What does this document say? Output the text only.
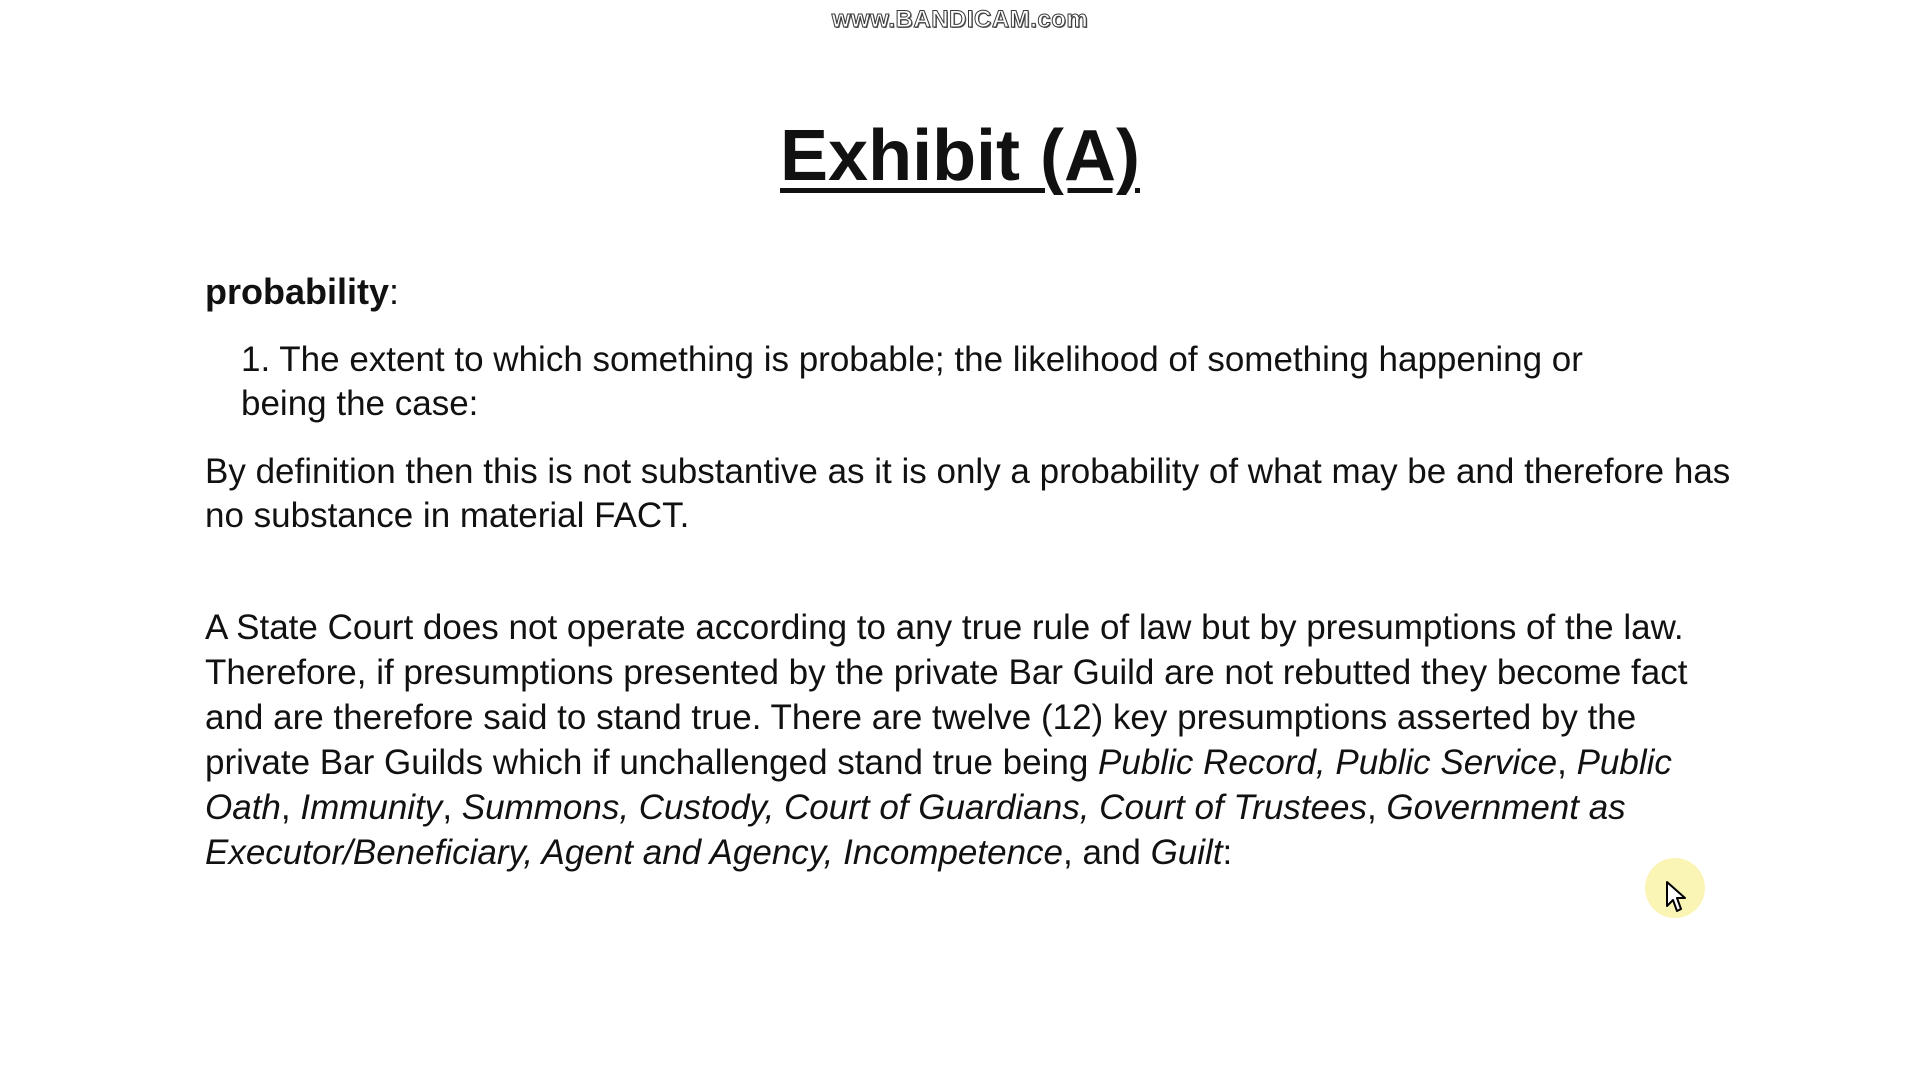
www.BANDICAM.com
Exhibit (A)
probability:
1. The extent to which something is probable; the likelihood of something happening or being the case:
By definition then this is not substantive as it is only a probability of what may be and therefore has no substance in material FACT.
A State Court does not operate according to any true rule of law but by presumptions of the law. Therefore, if presumptions presented by the private Bar Guild are not rebutted they become fact and are therefore said to stand true. There are twelve (12) key presumptions asserted by the private Bar Guilds which if unchallenged stand true being Public Record, Public Service, Public Oath, Immunity, Summons, Custody, Court of Guardians, Court of Trustees, Government as Executor/Beneficiary, Agent and Agency, Incompetence, and Guilt:
